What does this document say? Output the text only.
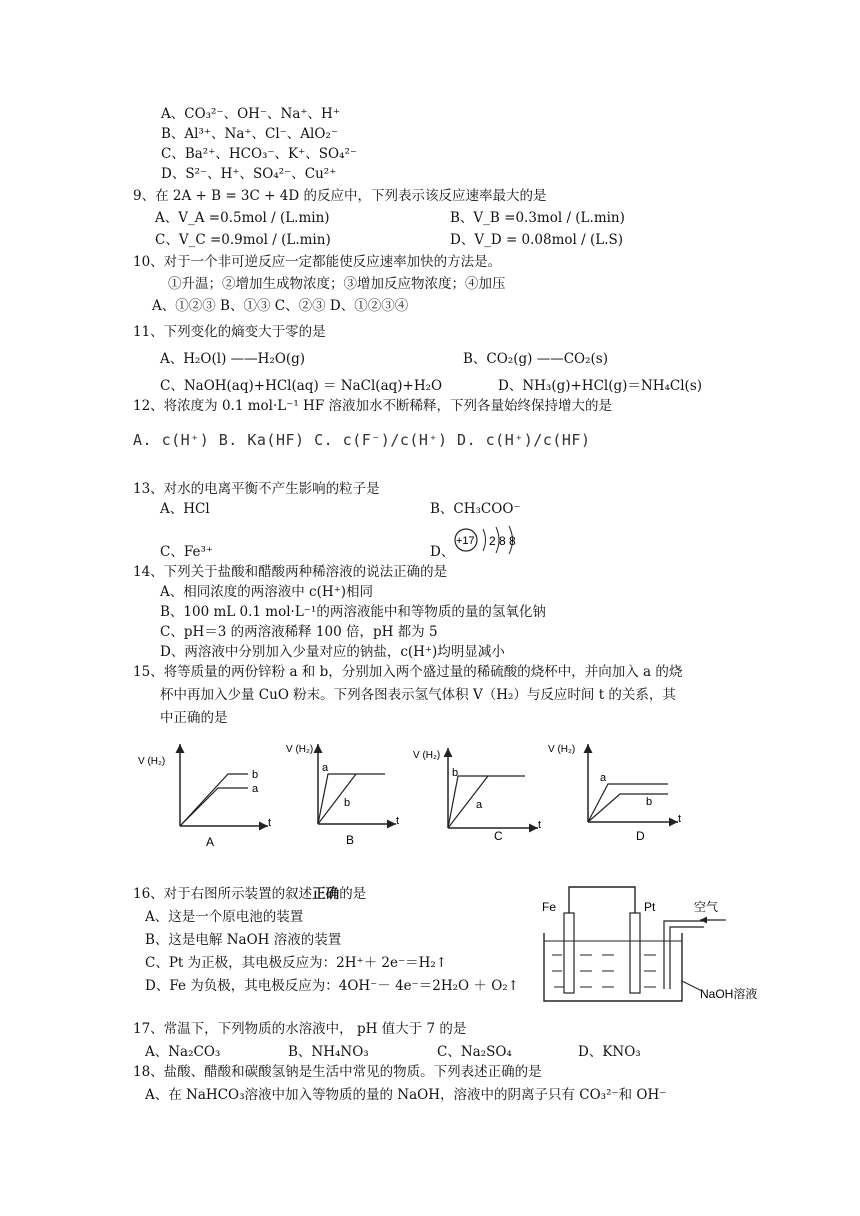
A、CO₃²⁻、OH⁻、Na⁺、H⁺
B、Al³⁺、Na⁺、Cl⁻、AlO₂⁻
C、Ba²⁺、HCO₃⁻、K⁺、SO₄²⁻
D、S²⁻、H⁺、SO₄²⁻、Cu²⁺
9、在 2A + B = 3C + 4D 的反应中，下列表示该反应速率最大的是
A、V_A =0.5mol / (L.min)	B、V_B =0.3mol / (L.min)
C、V_C =0.9mol / (L.min)	D、V_D = 0.08mol / (L.S)
10、对于一个非可逆反应一定都能使反应速率加快的方法是。
①升温；②增加生成物浓度；③增加反应物浓度；④加压
A、①②③ B、①③ C、②③ D、①②③④
11、下列变化的熵变大于零的是
A、H₂O(l) ——H₂O(g)	B、CO₂(g) ——CO₂(s)
C、NaOH(aq)+HCl(aq) ＝ NaCl(aq)+H₂O	D、NH₃(g)+HCl(g)＝NH₄Cl(s)
12、将浓度为 0.1 mol·L⁻¹ HF 溶液加水不断稀释，下列各量始终保持增大的是
A. c(H⁺) B. Ka(HF) C. c(F⁻)/c(H⁺) D. c(H⁺)/c(HF)
13、对水的电离平衡不产生影响的粒子是
A、HCl	B、CH₃COO⁻
C、Fe³⁺	D、
+17 2 8 8
14、下列关于盐酸和醋酸两种稀溶液的说法正确的是
A、相同浓度的两溶液中 c(H⁺)相同
B、100 mL 0.1 mol·L⁻¹的两溶液能中和等物质的量的氢氧化钠
C、pH＝3 的两溶液稀释 100 倍，pH 都为 5
D、两溶液中分别加入少量对应的钠盐，c(H⁺)均明显减小
15、将等质量的两份锌粉 a 和 b，分别加入两个盛过量的稀硫酸的烧杯中，并向加入 a 的烧
杯中再加入少量 CuO 粉末。下列各图表示氢气体积 V（H₂）与反应时间 t 的关系，其
中正确的是
V (H₂)
t
a
b
A
V (H₂)
t
a
b
B
V (H₂)
t
b
a
C
V (H₂)
t
a
b
D
16、对于右图所示装置的叙述正确的是
A、这是一个原电池的装置
B、这是电解 NaOH 溶液的装置
C、Pt 为正极，其电极反应为：2H⁺＋ 2e⁻＝H₂↑
D、Fe 为负极，其电极反应为：4OH⁻－ 4e⁻＝2H₂O ＋ O₂↑
Fe	Pt	空气
NaOH溶液
17、常温下，下列物质的水溶液中， pH 值大于 7 的是
A、Na₂CO₃	B、NH₄NO₃	C、Na₂SO₄	D、KNO₃
18、盐酸、醋酸和碳酸氢钠是生活中常见的物质。下列表述正确的是
A、在 NaHCO₃溶液中加入等物质的量的 NaOH，溶液中的阴离子只有 CO₃²⁻和 OH⁻
